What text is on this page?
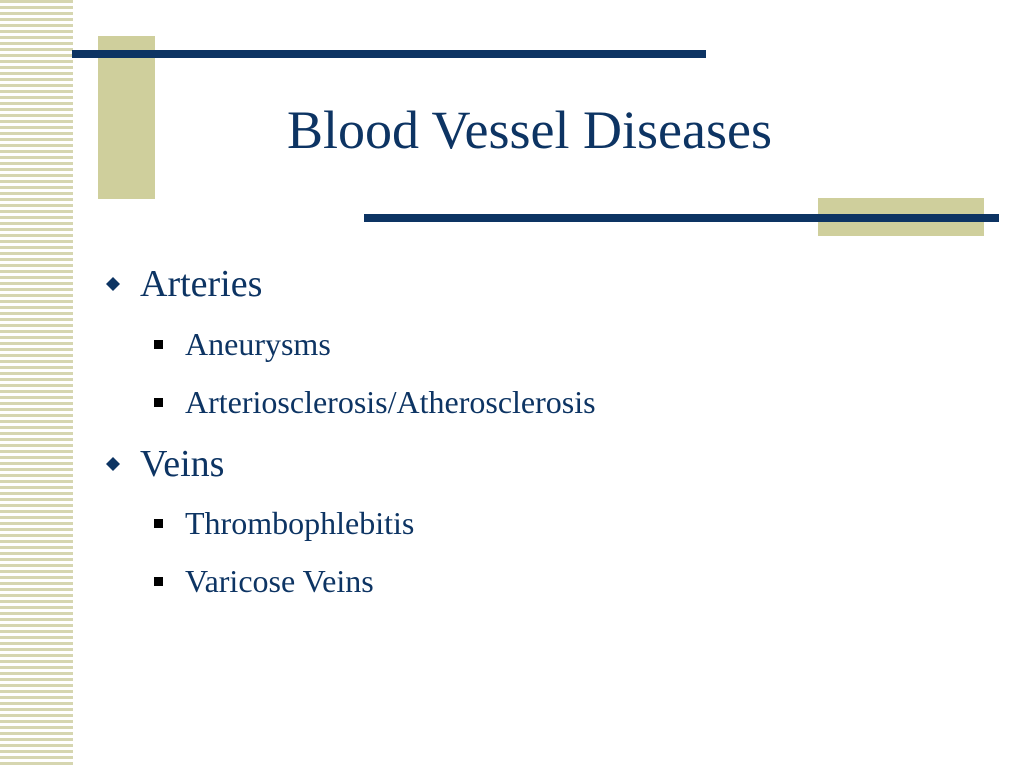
Blood Vessel Diseases
Arteries
Aneurysms
Arteriosclerosis/Atherosclerosis
Veins
Thrombophlebitis
Varicose Veins
